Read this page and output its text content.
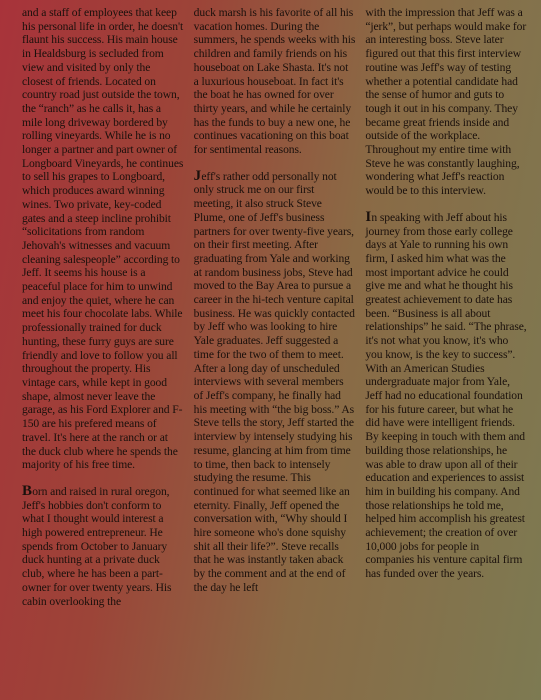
and a staff of employees that keep his personal life in order, he doesn't flaunt his success. His main house in Healdsburg is secluded from view and visited by only the closest of friends. Located on country road just outside the town, the “ranch” as he calls it, has a mile long driveway bordered by rolling vineyards. While he is no longer a partner and part owner of Longboard Vineyards, he continues to sell his grapes to Longboard, which produces award winning wines. Two private, key-coded gates and a steep incline prohibit “solicitations from random Jehovah's witnesses and vacuum cleaning salespeople” according to Jeff. It seems his house is a peaceful place for him to unwind and enjoy the quiet, where he can meet his four chocolate labs. While professionally trained for duck hunting, these furry guys are sure friendly and love to follow you all throughout the property. His vintage cars, while kept in good shape, almost never leave the garage, as his Ford Explorer and F-150 are his prefered means of travel. It's here at the ranch or at the duck club where he spends the majority of his free time.

Born and raised in rural oregon, Jeff's hobbies don't conform to what I thought would interest a high powered entrepreneur. He spends from October to January duck hunting at a private duck club, where he has been a part-owner for over twenty years. His cabin overlooking the

duck marsh is his favorite of all his vacation homes. During the summers, he spends weeks with his children and family friends on his houseboat on Lake Shasta. It's not a luxurious houseboat. In fact it's the boat he has owned for over thirty years, and while he certainly has the funds to buy a new one, he continues vacationing on this boat for sentimental reasons.

Jeff's rather odd personally not only struck me on our first meeting, it also struck Steve Plume, one of Jeff's business partners for over twenty-five years, on their first meeting. After graduating from Yale and working at random business jobs, Steve had moved to the Bay Area to pursue a career in the hi-tech venture capital business. He was quickly contacted by Jeff who was looking to hire Yale graduates. Jeff suggested a time for the two of them to meet. After a long day of unscheduled interviews with several members of Jeff's company, he finally had his meeting with “the big boss.” As Steve tells the story, Jeff started the interview by intensely studying his resume, glancing at him from time to time, then back to intensely studying the resume. This continued for what seemed like an eternity. Finally, Jeff opened the conversation with, “Why should I hire someone who's done squishy shit all their life?”. Steve recalls that he was instantly taken aback by the comment and at the end of the day he left

with the impression that Jeff was a “jerk”, but perhaps would make for an interesting boss. Steve later figured out that this first interview routine was Jeff's way of testing whether a potential candidate had the sense of humor and guts to tough it out in his company. They became great friends inside and outside of the workplace. Throughout my entire time with Steve he was constantly laughing, wondering what Jeff's reaction would be to this interview.

In speaking with Jeff about his journey from those early college days at Yale to running his own firm, I asked him what was the most important advice he could give me and what he thought his greatest achievement to date has been. “Business is all about relationships” he said. “The phrase, it's not what you know, it's who you know, is the key to success”. With an American Studies undergraduate major from Yale, Jeff had no educational foundation for his future career, but what he did have were intelligent friends. By keeping in touch with them and building those relationships, he was able to draw upon all of their education and experiences to assist him in building his company. And those relationships he told me, helped him accomplish his greatest achievement; the creation of over 10,000 jobs for people in companies his venture capital firm has funded over the years.
